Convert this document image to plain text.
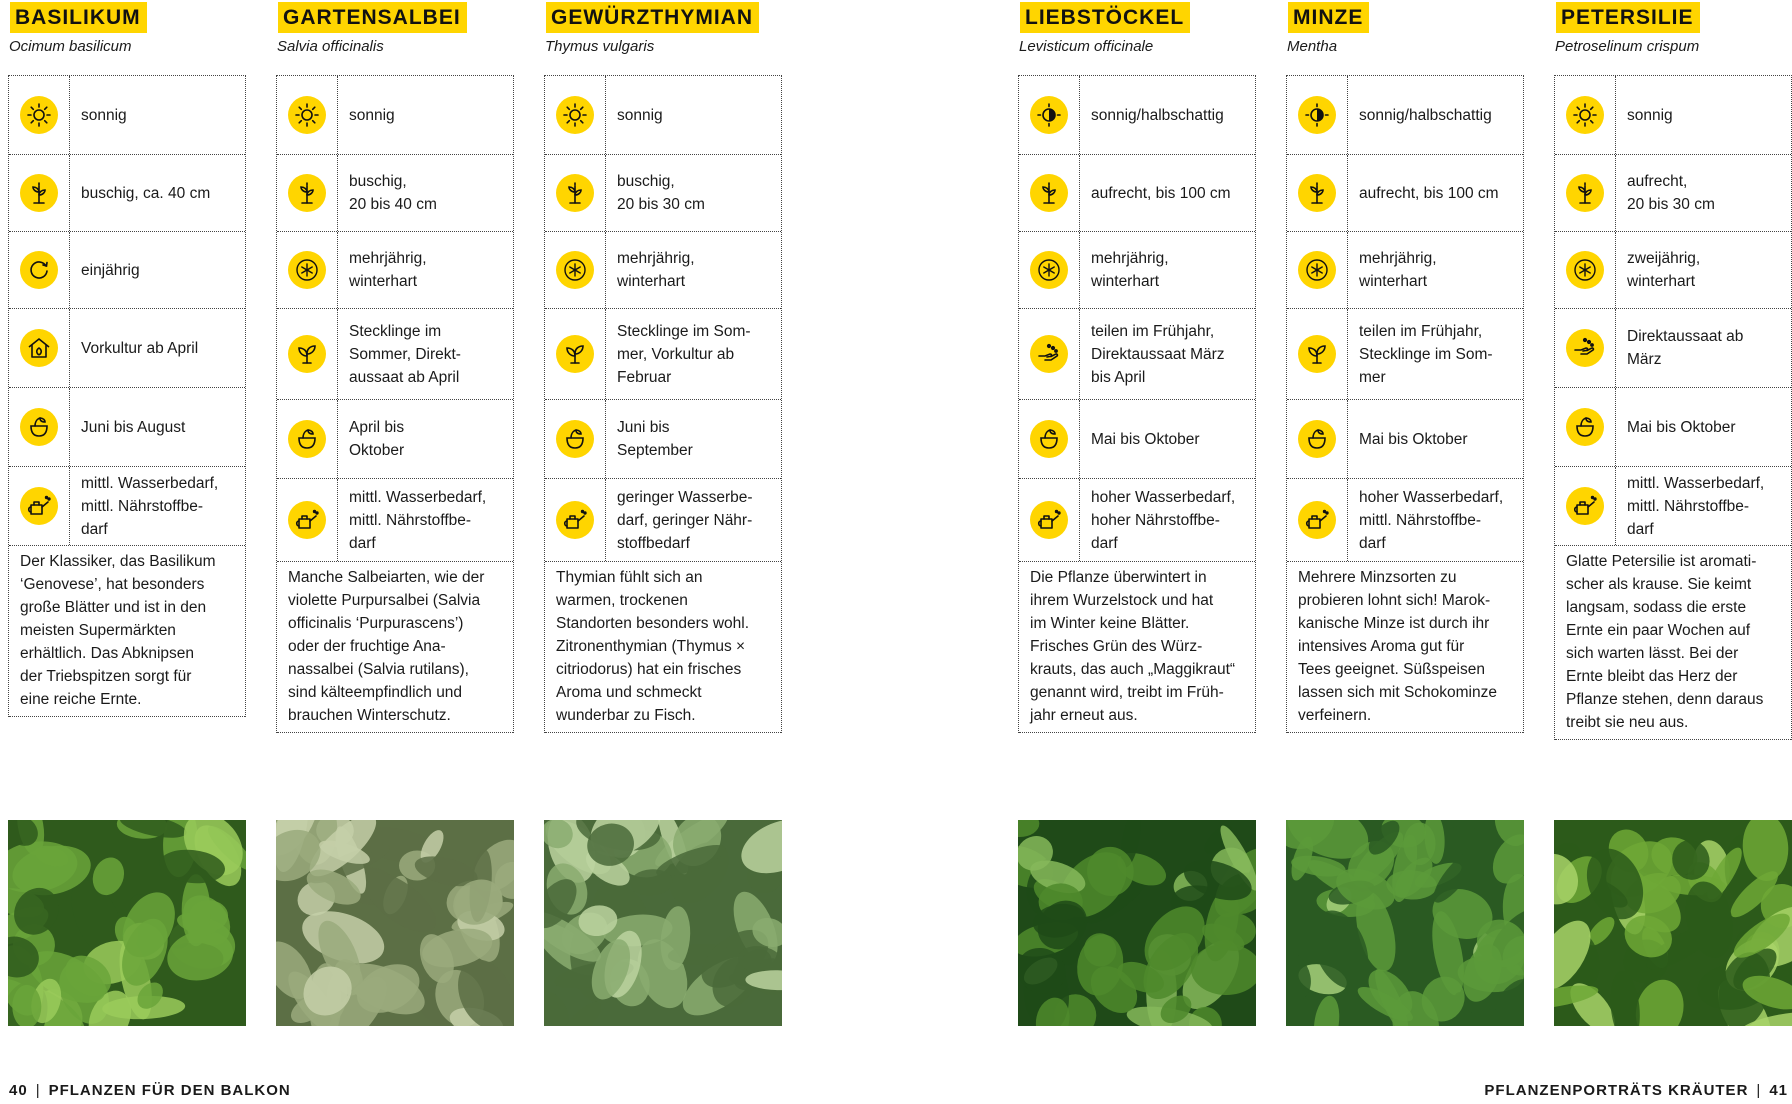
BASILIKUM
Ocimum basilicum
sonnig
buschig, ca. 40 cm
einjährig
Vorkultur ab April
Juni bis August
mittl. Wasserbedarf,
mittl. Nährstoffbe-
darf
Der Klassiker, das Basilikum
‘Genovese’, hat besonders
große Blätter und ist in den
meisten Supermärkten
erhältlich. Das Abknipsen
der Triebspitzen sorgt für
eine reiche Ernte.
GARTENSALBEI
Salvia officinalis
sonnig
buschig,
20 bis 40 cm
mehrjährig,
winterhart
Stecklinge im
Sommer, Direkt-
aussaat ab April
April bis
Oktober
mittl. Wasserbedarf,
mittl. Nährstoffbe-
darf
Manche Salbeiarten, wie der
violette Purpursalbei (Salvia
officinalis ‘Purpurascens’)
oder der fruchtige Ana-
nassalbei (Salvia rutilans),
sind kälteempfindlich und
brauchen Winterschutz.
GEWÜRZTHYMIAN
Thymus vulgaris
sonnig
buschig,
20 bis 30 cm
mehrjährig,
winterhart
Stecklinge im Som-
mer, Vorkultur ab
Februar
Juni bis
September
geringer Wasserbe-
darf, geringer Nähr-
stoffbedarf
Thymian fühlt sich an
warmen, trockenen
Standorten besonders wohl.
Zitronenthymian (Thymus ×
citriodorus) hat ein frisches
Aroma und schmeckt
wunderbar zu Fisch.
LIEBSTÖCKEL
Levisticum officinale
sonnig/halbschattig
aufrecht, bis 100 cm
mehrjährig,
winterhart
teilen im Frühjahr,
Direktaussaat März
bis April
Mai bis Oktober
hoher Wasserbedarf,
hoher Nährstoffbe-
darf
Die Pflanze überwintert in
ihrem Wurzelstock und hat
im Winter keine Blätter.
Frisches Grün des Würz-
krauts, das auch „Maggikraut“
genannt wird, treibt im Früh-
jahr erneut aus.
MINZE
Mentha
sonnig/halbschattig
aufrecht, bis 100 cm
mehrjährig,
winterhart
teilen im Frühjahr,
Stecklinge im Som-
mer
Mai bis Oktober
hoher Wasserbedarf,
mittl. Nährstoffbe-
darf
Mehrere Minzsorten zu
probieren lohnt sich! Marok-
kanische Minze ist durch ihr
intensives Aroma gut für
Tees geeignet. Süßspeisen
lassen sich mit Schokominze
verfeinern.
PETERSILIE
Petroselinum crispum
sonnig
aufrecht,
20 bis 30 cm
zweijährig,
winterhart
Direktaussaat ab
März
Mai bis Oktober
mittl. Wasserbedarf,
mittl. Nährstoffbe-
darf
Glatte Petersilie ist aromati-
scher als krause. Sie keimt
langsam, sodass die erste
Ernte ein paar Wochen auf
sich warten lässt. Bei der
Ernte bleibt das Herz der
Pflanze stehen, denn daraus
treibt sie neu aus.
40 | PFLANZEN FÜR DEN BALKON	PFLANZENPORTRÄTS KRÄUTER | 41
